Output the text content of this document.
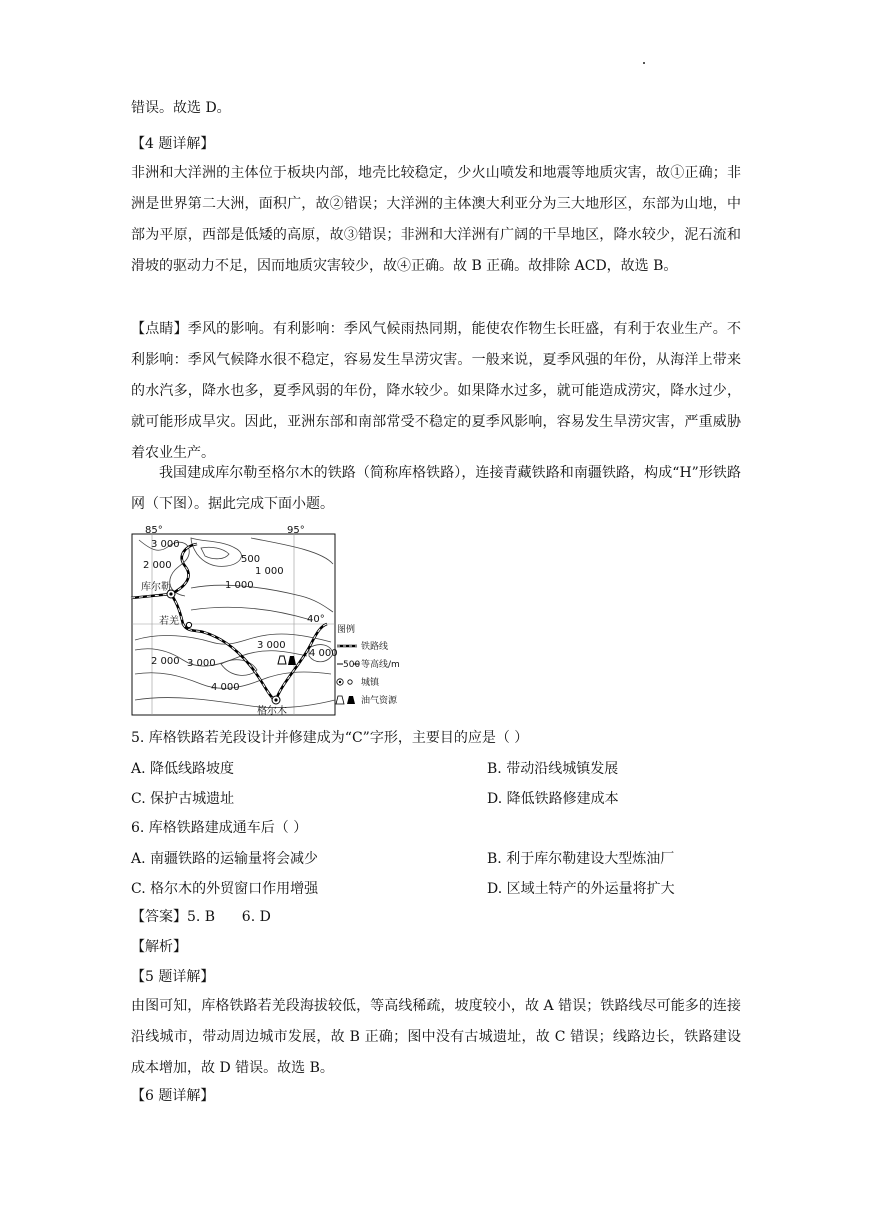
错误。故选 D。
【4 题详解】
非洲和大洋洲的主体位于板块内部，地壳比较稳定，少火山喷发和地震等地质灾害，故①正确；非洲是世界第二大洲，面积广，故②错误；大洋洲的主体澳大利亚分为三大地形区，东部为山地，中部为平原，西部是低矮的高原，故③错误；非洲和大洋洲有广阔的干旱地区，降水较少，泥石流和滑坡的驱动力不足，因而地质灾害较少，故④正确。故 B 正确。故排除 ACD，故选 B。
【点睛】季风的影响。有利影响：季风气候雨热同期，能使农作物生长旺盛，有利于农业生产。不利影响：季风气候降水很不稳定，容易发生旱涝灾害。一般来说，夏季风强的年份，从海洋上带来的水汽多，降水也多，夏季风弱的年份，降水较少。如果降水过多，就可能造成涝灾，降水过少，就可能形成旱灾。因此，亚洲东部和南部常受不稳定的夏季风影响，容易发生旱涝灾害，严重威胁着农业生产。
我国建成库尔勒至格尔木的铁路（简称库格铁路），连接青藏铁路和南疆铁路，构成“H”形铁路网（下图）。据此完成下面小题。
85°	95°
40°
3 000
2 000
500
1 000
1 000
3 000
4 000
2 000 3 000
4 000
库尔勒
若羌
格尔木
图例
铁路线
500 等高线/m
城镇
油气资源
5. 库格铁路若羌段设计并修建成为“C”字形，主要目的应是（ ）
A. 降低线路坡度	B. 带动沿线城镇发展
C. 保护古城遗址	D. 降低铁路修建成本
6. 库格铁路建成通车后（ ）
A. 南疆铁路的运输量将会减少	B. 利于库尔勒建设大型炼油厂
C. 格尔木的外贸窗口作用增强	D. 区域土特产的外运量将扩大
【答案】5. B      6. D
【解析】
【5 题详解】
由图可知，库格铁路若羌段海拔较低，等高线稀疏，坡度较小，故 A 错误；铁路线尽可能多的连接沿线城市，带动周边城市发展，故 B 正确；图中没有古城遗址，故 C 错误；线路边长，铁路建设成本增加，故 D 错误。故选 B。
【6 题详解】
